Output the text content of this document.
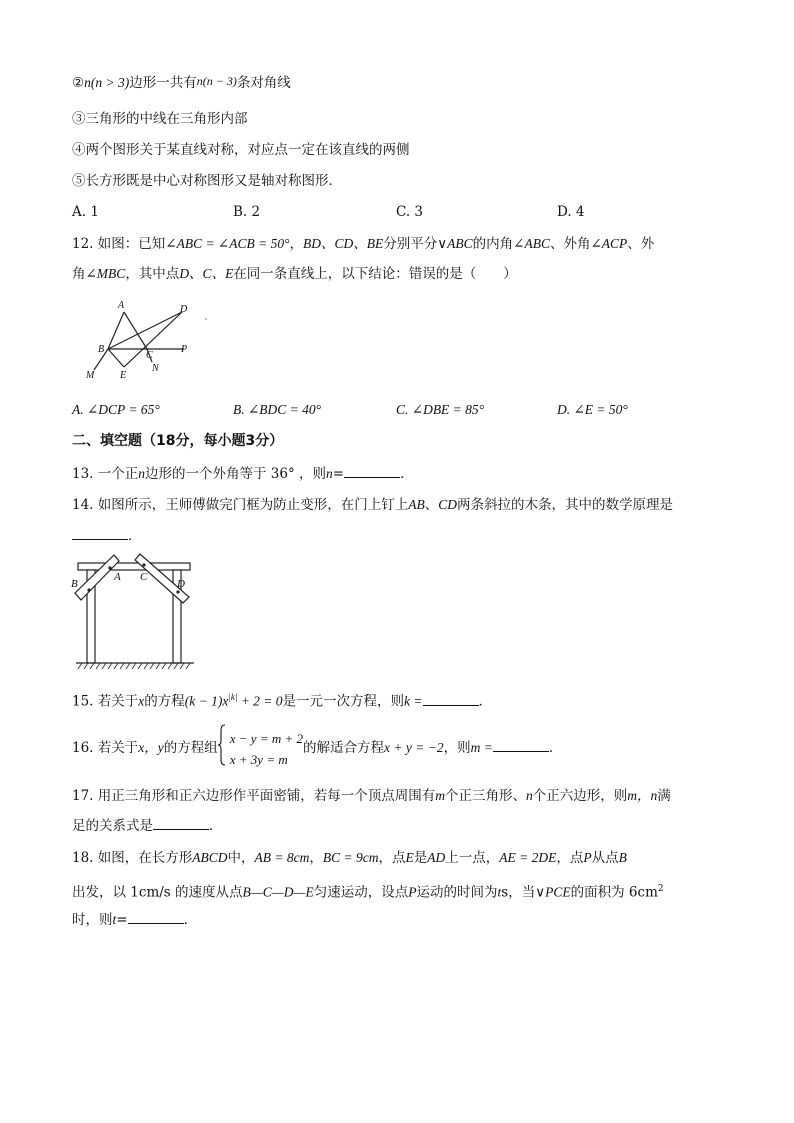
②n(n > 3)边形一共有n(n − 3)条对角线
③三角形的中线在三角形内部
④两个图形关于某直线对称，对应点一定在该直线的两侧
⑤长方形既是中心对称图形又是轴对称图形．
A. 1	B. 2	C. 3	D. 4
12. 如图：已知∠ABC = ∠ACB = 50°，BD、CD、BE分别平分∨ABC的内角∠ABC、外角∠ACP、外
角∠MBC，其中点D、C、E在同一条直线上，以下结论：错误的是（　　）
A	D
B
C
P
M	E
N
A. ∠DCP = 65°	B. ∠BDC = 40°	C. ∠DBE = 85°	D. ∠E = 50°
二、填空题（18分，每小题3分）
13. 一个正n边形的一个外角等于 36° ，则n=	．
14. 如图所示，王师傅做完门框为防止变形，在门上钉上AB、CD两条斜拉的木条，其中的数学原理是
．
B
A C
D
15. 若关于x的方程$(k - 1)x^{|k|} + 2 = 0$是一元一次方程，则k =	．
16. 若关于x，y的方程组
x − y = m + 2
x + 3y = m
的解适合方程x + y = −2，则m =	．
17. 用正三角形和正六边形作平面密铺，若每一个顶点周围有m个正三角形、n个正六边形，则m，n满
足的关系式是	．
18. 如图，在长方形ABCD中，AB = 8cm，BC = 9cm，点E是AD上一点，AE = 2DE，点P从点B
出发，以 1cm/s 的速度从点B—C—D—E匀速运动，设点P运动的时间为ts，当∨PCE的面积为 $6cm^2$
时，则t=	．
